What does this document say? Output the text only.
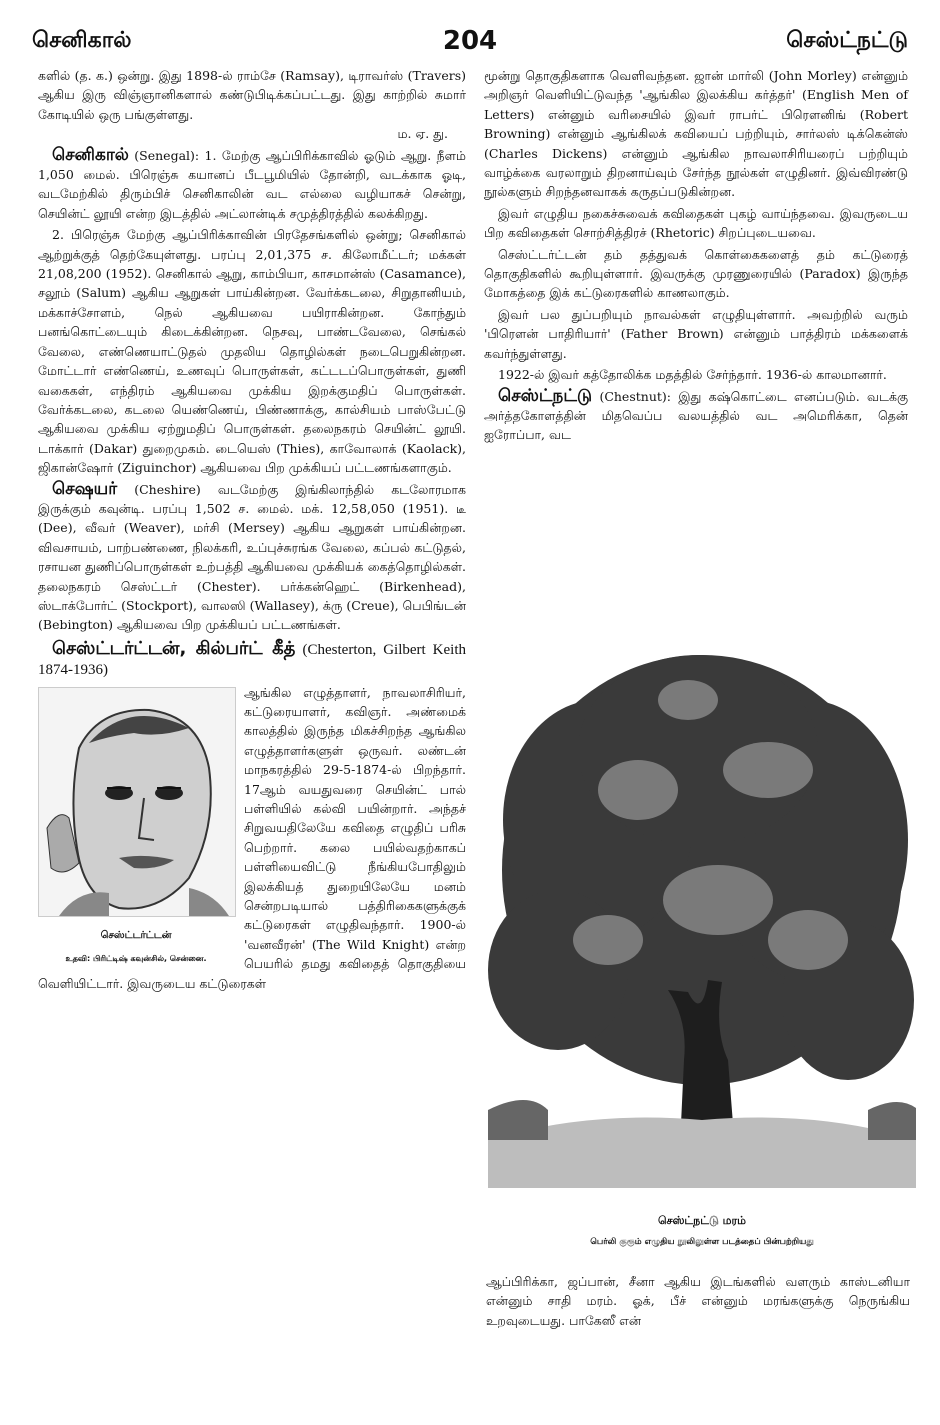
செனிகால்	204	செஸ்ட்நட்டு

களில் (த. க.) ஒன்று. இது 1898-ல் ராம்சே (Ramsay), டிராவர்ஸ் (Travers) ஆகிய இரு விஞ்ஞானிகளால் கண்டுபிடிக்கப்பட்டது. இது காற்றில் சுமார் கோடியில் ஒரு பங்குள்ளது.
ம. ஏ. து.

செனிகால் (Senegal): 1. மேற்கு ஆப்பிரிக்காவில் ஓடும் ஆறு. நீளம் 1,050 மைல். பிரெஞ்சு கயானப் பீடபூமியில் தோன்றி, வடக்காக ஓடி, வடமேற்கில் திரும்பிச் செனிகாலின் வட எல்லை வழியாகச் சென்று, செயின்ட் லூயி என்ற இடத்தில் அட்லான்டிக் சமுத்திரத்தில் கலக்கிறது.

2. பிரெஞ்சு மேற்கு ஆப்பிரிக்காவின் பிரதேசங்களில் ஒன்று; செனிகால் ஆற்றுக்குத் தெற்கேயுள்ளது. பரப்பு 2,01,375 ச. கிலோமீட்டர்; மக்கள் 21,08,200 (1952). செனிகால் ஆறு, காம்பியா, காசமான்ஸ் (Casamance), சலூம் (Salum) ஆகிய ஆறுகள் பாய்கின்றன. வேர்க்கடலை, சிறுதானியம், மக்காச்சோளம், நெல் ஆகியவை பயிராகின்றன. கோந்தும் பனங்கொட்டையும் கிடைக்கின்றன. நெசவு, பாண்டவேலை, செங்கல் வேலை, எண்ணெயாட்டுதல் முதலிய தொழில்கள் நடைபெறுகின்றன. மோட்டார் எண்ணெய், உணவுப் பொருள்கள், கட்டடப்பொருள்கள், துணி வகைகள், எந்திரம் ஆகியவை முக்கிய இறக்குமதிப் பொருள்கள். வேர்க்கடலை, கடலை யெண்ணெய், பிண்ணாக்கு, கால்சியம் பாஸ்பேட்டு ஆகியவை முக்கிய ஏற்றுமதிப் பொருள்கள். தலைநகரம் செயின்ட் லூயி. டாக்கார் (Dakar) துறைமுகம். டையெஸ் (Thies), காவோலாக் (Kaolack), ஜிகான்ஷோர் (Ziguinchor) ஆகியவை பிற முக்கியப் பட்டணங்களாகும்.

செஷயர் (Cheshire) வடமேற்கு இங்கிலாந்தில் கடலோரமாக இருக்கும் கவுன்டி. பரப்பு 1,502 ச. மைல். மக். 12,58,050 (1951). டீ (Dee), வீவர் (Weaver), மர்சி (Mersey) ஆகிய ஆறுகள் பாய்கின்றன. விவசாயம், பாற்பண்ணை, நிலக்கரி, உப்புச்சுரங்க வேலை, கப்பல் கட்டுதல், ரசாயன துணிப்பொருள்கள் உற்பத்தி ஆகியவை முக்கியக் கைத்தொழில்கள். தலைநகரம் செஸ்ட்டர் (Chester). பர்க்கன்ஹெட் (Birkenhead), ஸ்டாக்போர்ட் (Stockport), வாலஸி (Wallasey), க்ரு (Creue), பெபிங்டன் (Bebington) ஆகியவை பிற முக்கியப் பட்டணங்கள்.

செஸ்ட்டர்ட்டன், கில்பர்ட் கீத் (Chesterton, Gilbert Keith 1874-1936)

செஸ்ட்டர்ட்டன்
உதவி: பிரிட்டிஷ் கவுன்சில், சென்னை.

ஆங்கில எழுத்தாளர், நாவலாசிரியர், கட்டுரையாளர், கவிஞர். அண்மைக் காலத்தில் இருந்த மிகச்சிறந்த ஆங்கில எழுத்தாளர்களுள் ஒருவர். லண்டன் மாநகரத்தில் 29-5-1874-ல் பிறந்தார். 17ஆம் வயதுவரை செயின்ட் பால் பள்ளியில் கல்வி பயின்றார். அந்தச் சிறுவயதிலேயே கவிதை எழுதிப் பரிசு பெற்றார். கலை பயில்வதற்காகப் பள்ளியைவிட்டு நீங்கியபோதிலும் இலக்கியத் துறையிலேயே மனம் சென்றபடியால் பத்திரிகைகளுக்குக் கட்டுரைகள் எழுதிவந்தார். 1900-ல் 'வனவீரன்' (The Wild Knight) என்ற பெயரில் தமது கவிதைத் தொகுதியை வெளியிட்டார். இவருடைய கட்டுரைகள்

மூன்று தொகுதிகளாக வெளிவந்தன. ஜான் மார்லி (John Morley) என்னும் அறிஞர் வெளியிட்டுவந்த 'ஆங்கில இலக்கிய கர்த்தர்' (English Men of Letters) என்னும் வரிசையில் இவர் ராபர்ட் பிரௌனிங் (Robert Browning) என்னும் ஆங்கிலக் கவியைப் பற்றியும், சார்லஸ் டிக்கென்ஸ் (Charles Dickens) என்னும் ஆங்கில நாவலாசிரியரைப் பற்றியும் வாழ்க்கை வரலாறும் திறனாய்வும் சேர்ந்த நூல்கள் எழுதினர். இவ்விரண்டு நூல்களும் சிறந்தனவாகக் கருதப்படுகின்றன.

இவர் எழுதிய நகைச்சுவைக் கவிதைகள் புகழ் வாய்ந்தவை. இவருடைய பிற கவிதைகள் சொற்சித்திரச் (Rhetoric) சிறப்புடையவை.

செஸ்ட்டர்ட்டன் தம் தத்துவக் கொள்கைகளைத் தம் கட்டுரைத் தொகுதிகளில் கூறியுள்ளார். இவருக்கு முரணுரையில் (Paradox) இருந்த மோகத்தை இக் கட்டுரைகளில் காணலாகும்.

இவர் பல துப்பறியும் நாவல்கள் எழுதியுள்ளார். அவற்றில் வரும் 'பிரௌன் பாதிரியார்' (Father Brown) என்னும் பாத்திரம் மக்களைக் கவர்ந்துள்ளது.

1922-ல் இவர் கத்தோலிக்க மதத்தில் சேர்ந்தார். 1936-ல் காலமானார்.

செஸ்ட்நட்டு (Chestnut): இது கஷ்கொட்டை எனப்படும். வடக்கு அர்த்தகோளத்தின் மிதவெப்ப வலயத்தில் வட அமெரிக்கா, தென் ஐரோப்பா, வட

செஸ்ட்நட்டு மரம்
பெர்லி குரூம் எழுதிய நூலிலுள்ள படத்தைப் பின்பற்றியது

ஆப்பிரிக்கா, ஜப்பான், சீனா ஆகிய இடங்களில் வளரும் காஸ்டனியா என்னும் சாதி மரம். ஓக், பீச் என்னும் மரங்களுக்கு நெருங்கிய உறவுடையது. பாகேஸீ என்
